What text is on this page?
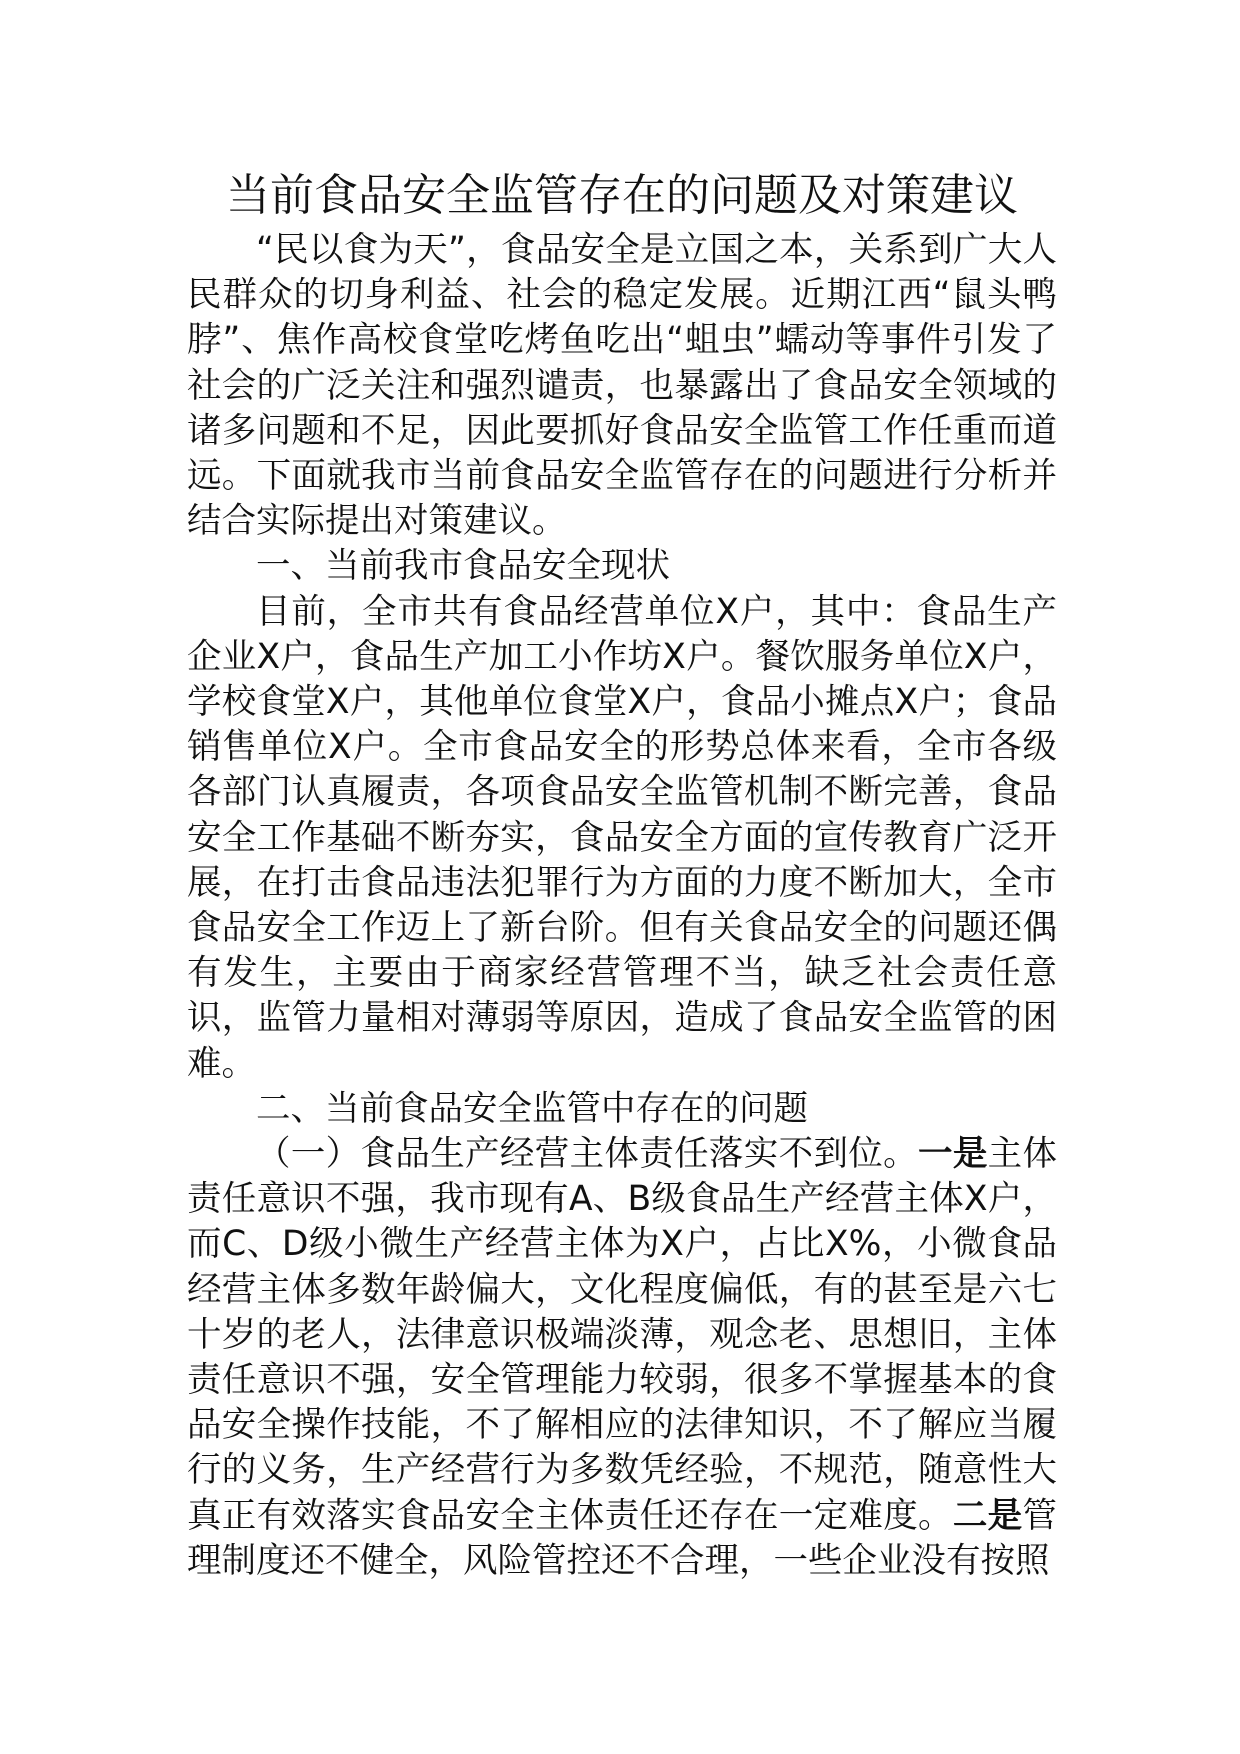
当前食品安全监管存在的问题及对策建议

“民以食为天”，食品安全是立国之本，关系到广大人民群众的切身利益、社会的稳定发展。近期江西“鼠头鸭脖”、焦作高校食堂吃烤鱼吃出“蛆虫”蠕动等事件引发了社会的广泛关注和强烈谴责，也暴露出了食品安全领域的诸多问题和不足，因此要抓好食品安全监管工作任重而道远。下面就我市当前食品安全监管存在的问题进行分析并结合实际提出对策建议。

一、当前我市食品安全现状

目前，全市共有食品经营单位X户，其中：食品生产企业X户，食品生产加工小作坊X户。餐饮服务单位X户，学校食堂X户，其他单位食堂X户，食品小摊点X户；食品销售单位X户。全市食品安全的形势总体来看，全市各级各部门认真履责，各项食品安全监管机制不断完善，食品安全工作基础不断夯实，食品安全方面的宣传教育广泛开展，在打击食品违法犯罪行为方面的力度不断加大，全市食品安全工作迈上了新台阶。但有关食品安全的问题还偶有发生，主要由于商家经营管理不当，缺乏社会责任意识，监管力量相对薄弱等原因，造成了食品安全监管的困难。

二、当前食品安全监管中存在的问题

（一）食品生产经营主体责任落实不到位。一是主体责任意识不强，我市现有A、B级食品生产经营主体X户，而C、D级小微生产经营主体为X户，占比X%，小微食品经营主体多数年龄偏大，文化程度偏低，有的甚至是六七十岁的老人，法律意识极端淡薄，观念老、思想旧，主体责任意识不强，安全管理能力较弱，很多不掌握基本的食品安全操作技能，不了解相应的法律知识，不了解应当履行的义务，生产经营行为多数凭经验，不规范，随意性大真正有效落实食品安全主体责任还存在一定难度。二是管理制度还不健全，风险管控还不合理，一些企业没有按照
